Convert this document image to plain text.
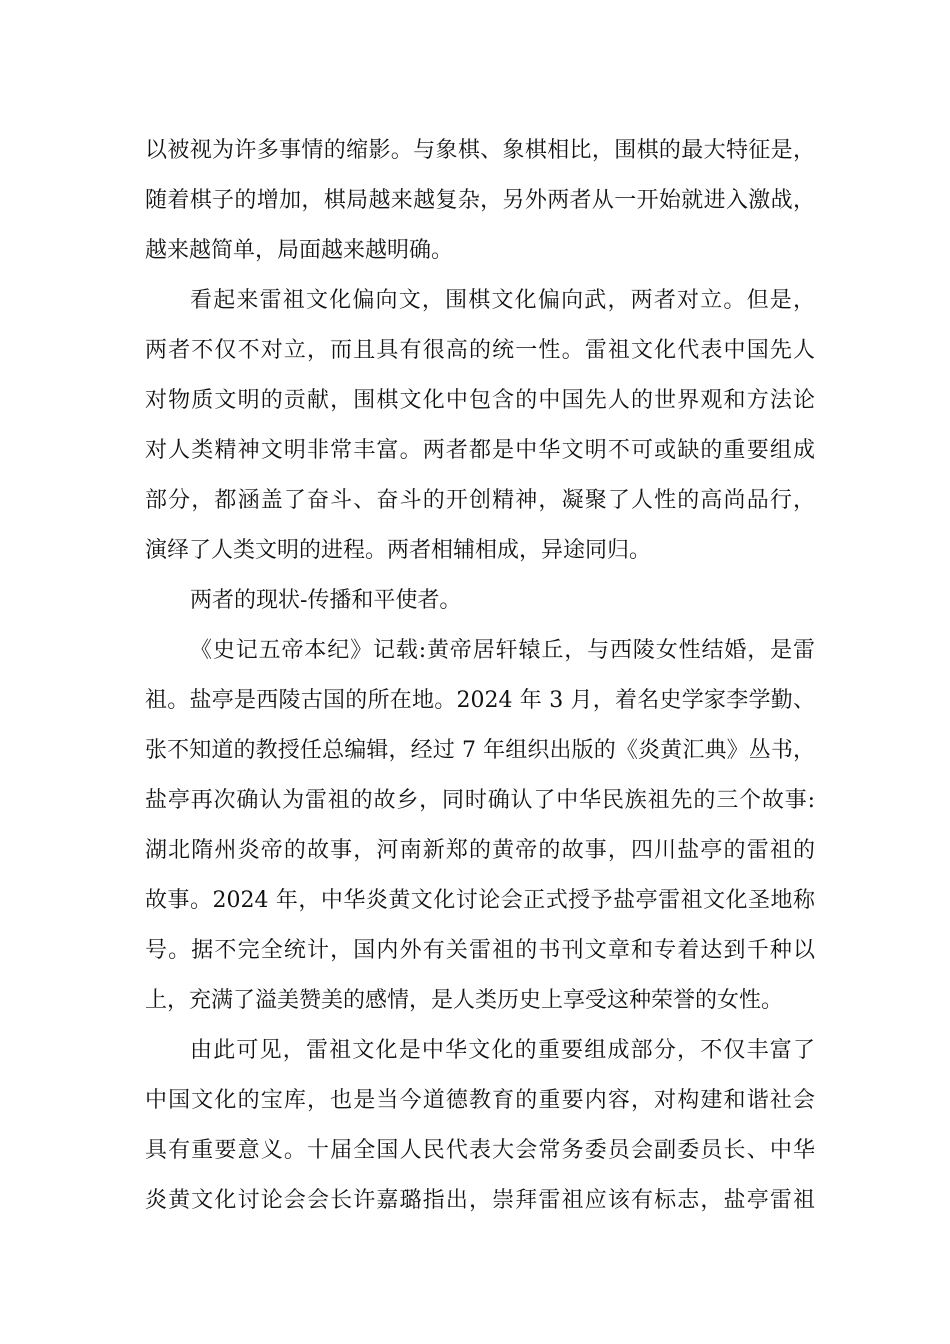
以被视为许多事情的缩影。与象棋、象棋相比，围棋的最大特征是，
随着棋子的增加，棋局越来越复杂，另外两者从一开始就进入激战，
越来越简单，局面越来越明确。
看起来雷祖文化偏向文，围棋文化偏向武，两者对立。但是，
两者不仅不对立，而且具有很高的统一性。雷祖文化代表中国先人
对物质文明的贡献，围棋文化中包含的中国先人的世界观和方法论
对人类精神文明非常丰富。两者都是中华文明不可或缺的重要组成
部分，都涵盖了奋斗、奋斗的开创精神，凝聚了人性的高尚品行，
演绎了人类文明的进程。两者相辅相成，异途同归。
两者的现状-传播和平使者。
《史记五帝本纪》记载:黄帝居轩辕丘，与西陵女性结婚，是雷
祖。盐亭是西陵古国的所在地。2024 年 3 月，着名史学家李学勤、
张不知道的教授任总编辑，经过 7 年组织出版的《炎黄汇典》丛书，
盐亭再次确认为雷祖的故乡，同时确认了中华民族祖先的三个故事:
湖北隋州炎帝的故事，河南新郑的黄帝的故事，四川盐亭的雷祖的
故事。2024 年，中华炎黄文化讨论会正式授予盐亭雷祖文化圣地称
号。据不完全统计，国内外有关雷祖的书刊文章和专着达到千种以
上，充满了溢美赞美的感情，是人类历史上享受这种荣誉的女性。
由此可见，雷祖文化是中华文化的重要组成部分，不仅丰富了
中国文化的宝库，也是当今道德教育的重要内容，对构建和谐社会
具有重要意义。十届全国人民代表大会常务委员会副委员长、中华
炎黄文化讨论会会长许嘉璐指出，崇拜雷祖应该有标志，盐亭雷祖
